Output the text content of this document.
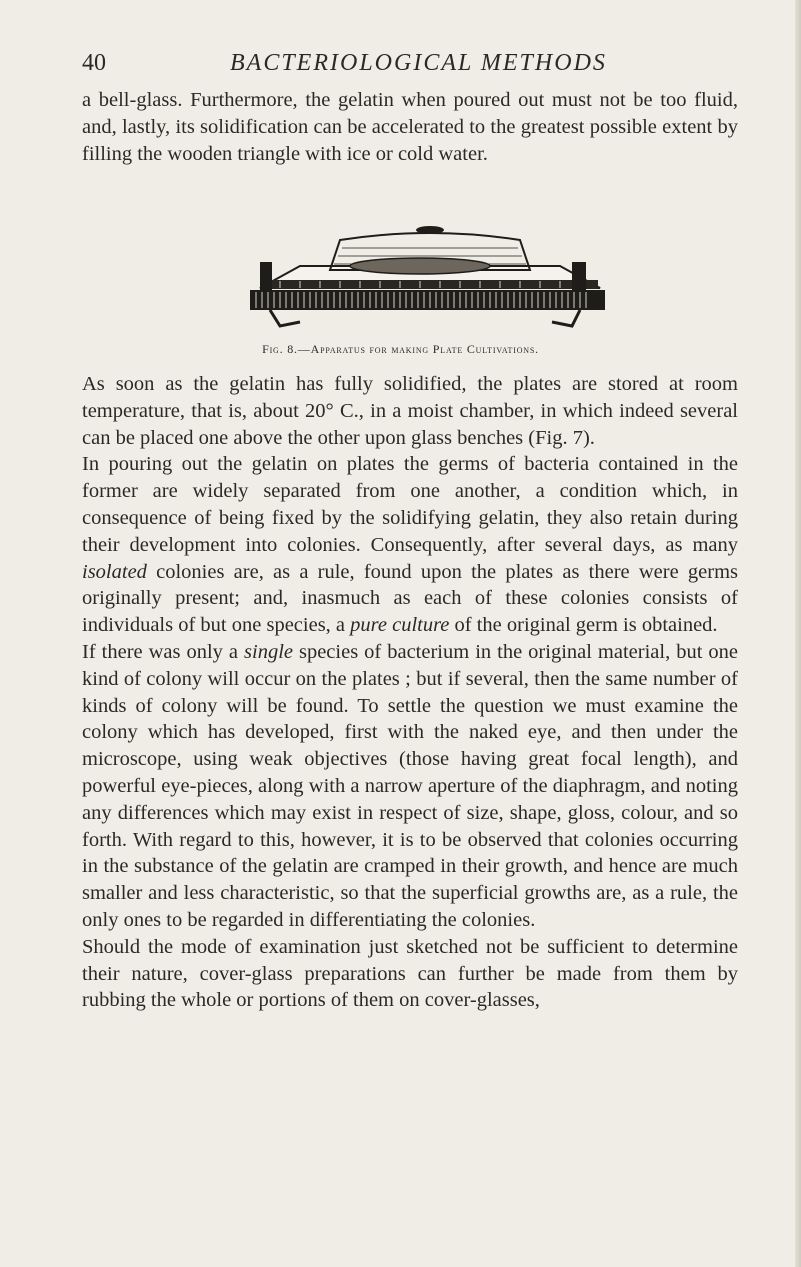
40	BACTERIOLOGICAL METHODS

a bell-glass. Furthermore, the gelatin when poured out must not be too fluid, and, lastly, its solidification can be accelerated to the greatest possible extent by filling the wooden triangle with ice or cold water.

Fig. 8.—Apparatus for making Plate Cultivations.

As soon as the gelatin has fully solidified, the plates are stored at room temperature, that is, about 20° C., in a moist chamber, in which indeed several can be placed one above the other upon glass benches (Fig. 7).

In pouring out the gelatin on plates the germs of bacteria contained in the former are widely separated from one another, a condition which, in consequence of being fixed by the solidifying gelatin, they also retain during their development into colonies. Consequently, after several days, as many isolated colonies are, as a rule, found upon the plates as there were germs originally present; and, inasmuch as each of these colonies consists of individuals of but one species, a pure culture of the original germ is obtained.

If there was only a single species of bacterium in the original material, but one kind of colony will occur on the plates ; but if several, then the same number of kinds of colony will be found. To settle the question we must examine the colony which has developed, first with the naked eye, and then under the microscope, using weak objectives (those having great focal length), and powerful eye-pieces, along with a narrow aperture of the diaphragm, and noting any differences which may exist in respect of size, shape, gloss, colour, and so forth. With regard to this, however, it is to be observed that colonies occurring in the substance of the gelatin are cramped in their growth, and hence are much smaller and less characteristic, so that the superficial growths are, as a rule, the only ones to be regarded in differentiating the colonies.

Should the mode of examination just sketched not be sufficient to determine their nature, cover-glass preparations can further be made from them by rubbing the whole or portions of them on cover-glasses,
